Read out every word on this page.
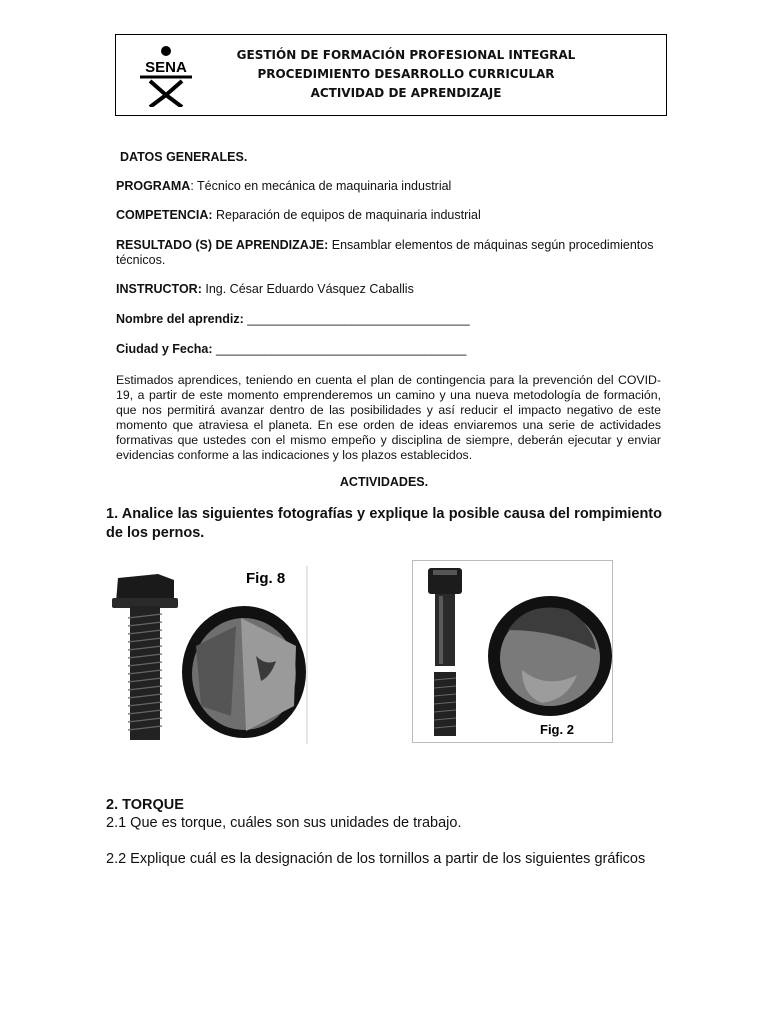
SENA
GESTIÓN DE FORMACIÓN PROFESIONAL INTEGRAL
PROCEDIMIENTO DESARROLLO CURRICULAR
ACTIVIDAD DE APRENDIZAJE
DATOS GENERALES.
PROGRAMA: Técnico en mecánica de maquinaria industrial
COMPETENCIA: Reparación de equipos de maquinaria industrial
RESULTADO (S) DE APRENDIZAJE: Ensamblar elementos de máquinas según procedimientos técnicos.
INSTRUCTOR: Ing. César Eduardo Vásquez Caballis
Nombre del aprendiz: ________________________________
Ciudad y Fecha: ____________________________________
Estimados aprendices, teniendo en cuenta el plan de contingencia para la prevención del COVID-19, a partir de este momento emprenderemos un camino y una nueva metodología de formación, que nos permitirá avanzar dentro de las posibilidades y así reducir el impacto negativo de este momento que atraviesa el planeta. En ese orden de ideas enviaremos una serie de actividades formativas que ustedes con el mismo empeño y disciplina de siempre, deberán ejecutar y enviar evidencias conforme a las indicaciones y los plazos establecidos.
ACTIVIDADES.
1. Analice las siguientes fotografías y explique la posible causa del rompimiento de los pernos.
Fig. 8
Fig. 2
2. TORQUE
2.1 Que es torque, cuáles son sus unidades de trabajo.
2.2 Explique cuál es la designación de los tornillos a partir de los siguientes gráficos
